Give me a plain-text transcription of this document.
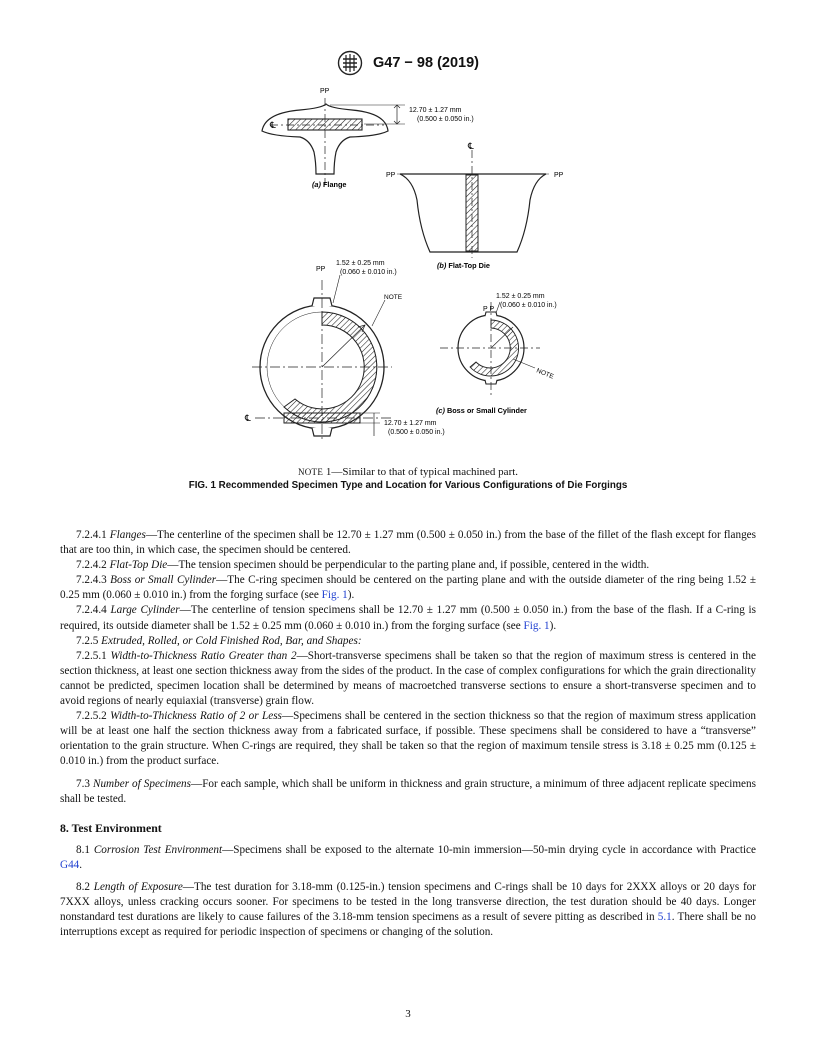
G47 − 98 (2019)
PP
℄
12.70 ± 1.27 mm
(0.500 ± 0.050 in.)
(a) Flange
PP	PP
℄
(b) Flat-Top Die
PP
1.52 ± 0.25 mm
(0.060 ± 0.010 in.)
NOTE
℄
12.70 ± 1.27 mm
(0.500 ± 0.050 in.)
P P
1.52 ± 0.25 mm
(0.060 ± 0.010 in.)
NOTE
(c) Boss or Small Cylinder
NOTE 1—Similar to that of typical machined part.
FIG. 1 Recommended Specimen Type and Location for Various Configurations of Die Forgings

7.2.4.1 Flanges—The centerline of the specimen shall be 12.70 ± 1.27 mm (0.500 ± 0.050 in.) from the base of the fillet of the flash except for flanges that are too thin, in which case, the specimen should be centered.

7.2.4.2 Flat-Top Die—The tension specimen should be perpendicular to the parting plane and, if possible, centered in the width.

7.2.4.3 Boss or Small Cylinder—The C-ring specimen should be centered on the parting plane and with the outside diameter of the ring being 1.52 ± 0.25 mm (0.060 ± 0.010 in.) from the forging surface (see Fig. 1).

7.2.4.4 Large Cylinder—The centerline of tension specimens shall be 12.70 ± 1.27 mm (0.500 ± 0.050 in.) from the base of the flash. If a C-ring is required, its outside diameter shall be 1.52 ± 0.25 mm (0.060 ± 0.010 in.) from the forging surface (see Fig. 1).

7.2.5 Extruded, Rolled, or Cold Finished Rod, Bar, and Shapes:

7.2.5.1 Width-to-Thickness Ratio Greater than 2—Short-transverse specimens shall be taken so that the region of maximum stress is centered in the section thickness, at least one section thickness away from the sides of the product. In the case of complex configurations for which the grain directionality cannot be predicted, specimen location shall be determined by means of macroetched transverse sections to ensure a short-transverse specimen and to avoid regions of nearly equiaxial (transverse) grain flow.

7.2.5.2 Width-to-Thickness Ratio of 2 or Less—Specimens shall be centered in the section thickness so that the region of maximum stress application will be at least one half the section thickness away from a fabricated surface, if possible. These specimens shall be considered to have a “transverse” orientation to the grain structure. When C-rings are required, they shall be taken so that the region of maximum tensile stress is 3.18 ± 0.25 mm (0.125 ± 0.010 in.) from the product surface.

7.3 Number of Specimens—For each sample, which shall be uniform in thickness and grain structure, a minimum of three adjacent replicate specimens shall be tested.

8. Test Environment

8.1 Corrosion Test Environment—Specimens shall be exposed to the alternate 10-min immersion—50-min drying cycle in accordance with Practice G44.

8.2 Length of Exposure—The test duration for 3.18-mm (0.125-in.) tension specimens and C-rings shall be 10 days for 2XXX alloys or 20 days for 7XXX alloys, unless cracking occurs sooner. For specimens to be tested in the long transverse direction, the test duration should be 40 days. Longer nonstandard test durations are likely to cause failures of the 3.18-mm tension specimens as a result of severe pitting as described in 5.1. There shall be no interruptions except as required for periodic inspection of specimens or changing of the solution.

3
